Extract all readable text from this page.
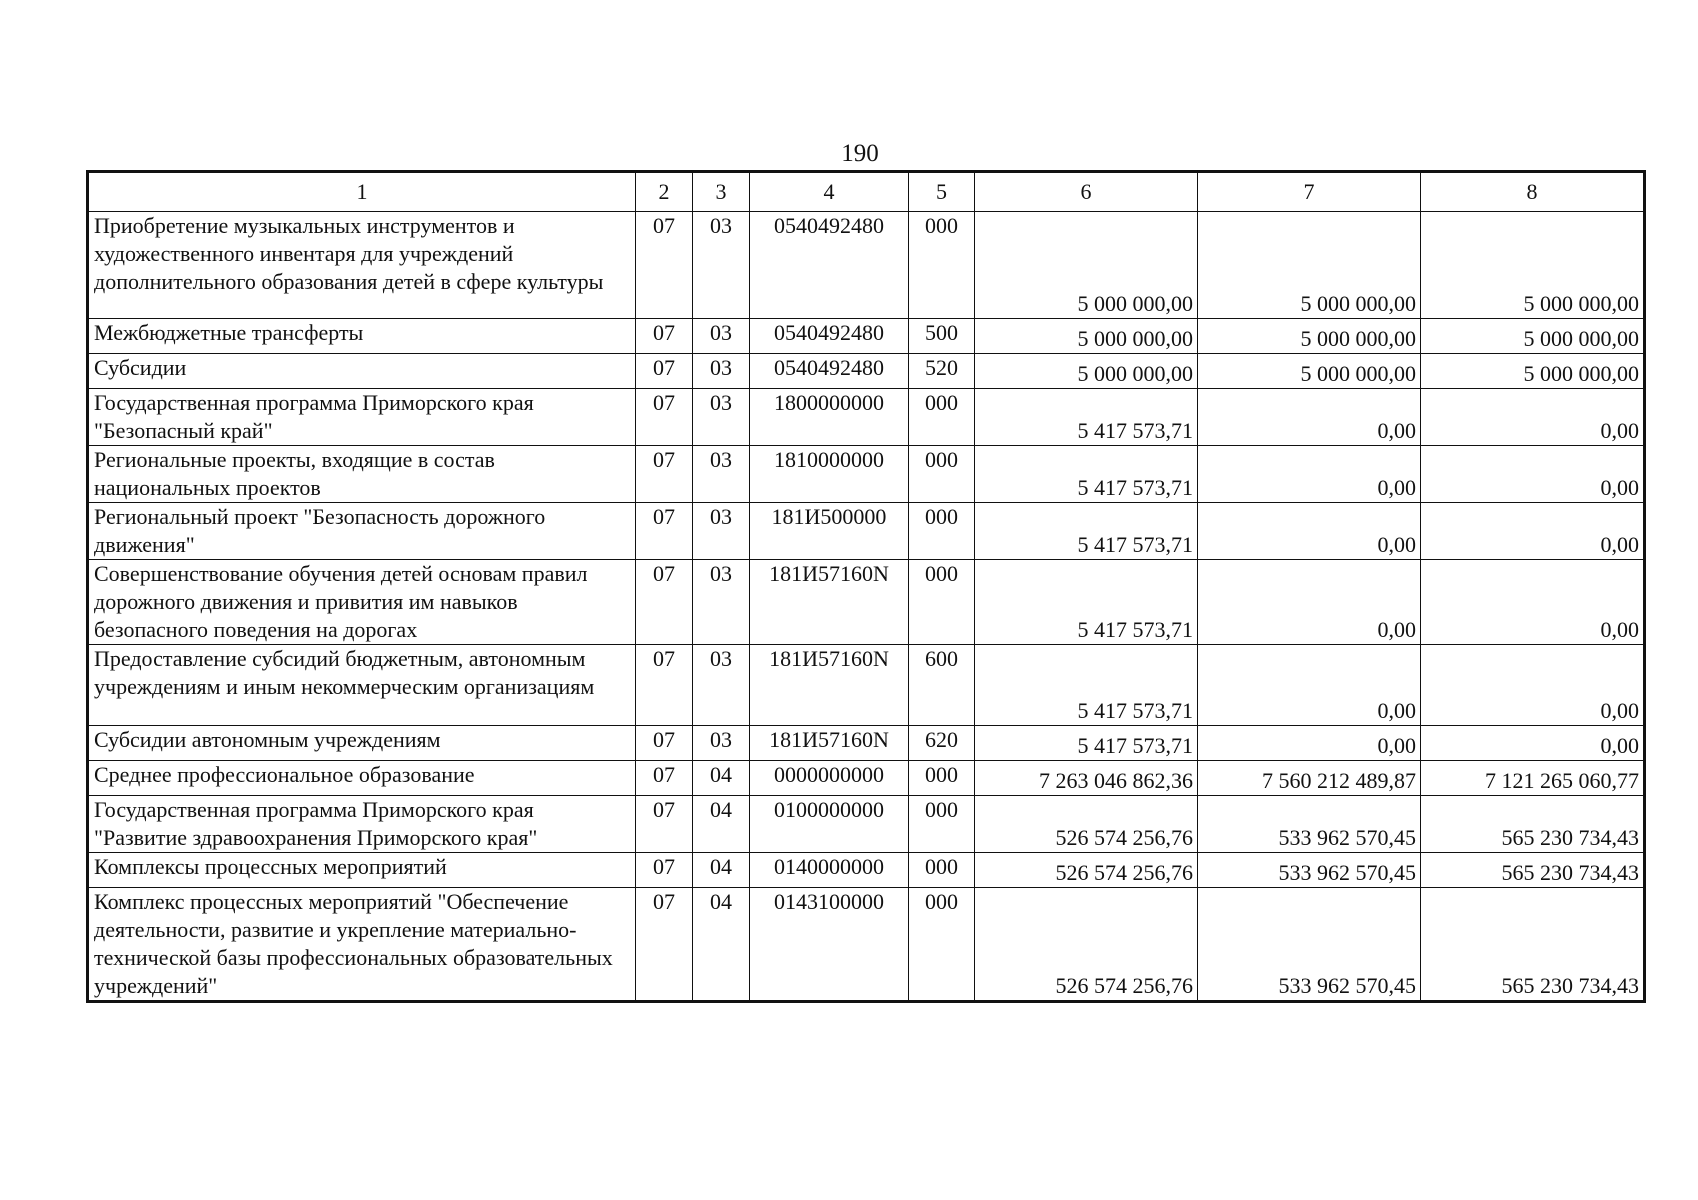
190
1	2	3	4	5	6	7	8
Приобретение музыкальных инструментов и художественного инвентаря для учреждений дополнительного образования детей в сфере культуры	07	03	0540492480	000	5 000 000,00	5 000 000,00	5 000 000,00
Межбюджетные трансферты	07	03	0540492480	500	5 000 000,00	5 000 000,00	5 000 000,00
Субсидии	07	03	0540492480	520	5 000 000,00	5 000 000,00	5 000 000,00
Государственная программа Приморского края "Безопасный край"	07	03	1800000000	000	5 417 573,71	0,00	0,00
Региональные проекты, входящие в состав национальных проектов	07	03	1810000000	000	5 417 573,71	0,00	0,00
Региональный проект "Безопасность дорожного движения"	07	03	181И500000	000	5 417 573,71	0,00	0,00
Совершенствование обучения детей основам правил дорожного движения и привития им навыков безопасного поведения на дорогах	07	03	181И57160N	000	5 417 573,71	0,00	0,00
Предоставление субсидий бюджетным, автономным учреждениям и иным некоммерческим организациям	07	03	181И57160N	600	5 417 573,71	0,00	0,00
Субсидии автономным учреждениям	07	03	181И57160N	620	5 417 573,71	0,00	0,00
Среднее профессиональное образование	07	04	0000000000	000	7 263 046 862,36	7 560 212 489,87	7 121 265 060,77
Государственная программа Приморского края "Развитие здравоохранения Приморского края"	07	04	0100000000	000	526 574 256,76	533 962 570,45	565 230 734,43
Комплексы процессных мероприятий	07	04	0140000000	000	526 574 256,76	533 962 570,45	565 230 734,43
Комплекс процессных мероприятий "Обеспечение деятельности, развитие и укрепление материально-технической базы профессиональных образовательных учреждений"	07	04	0143100000	000	526 574 256,76	533 962 570,45	565 230 734,43
